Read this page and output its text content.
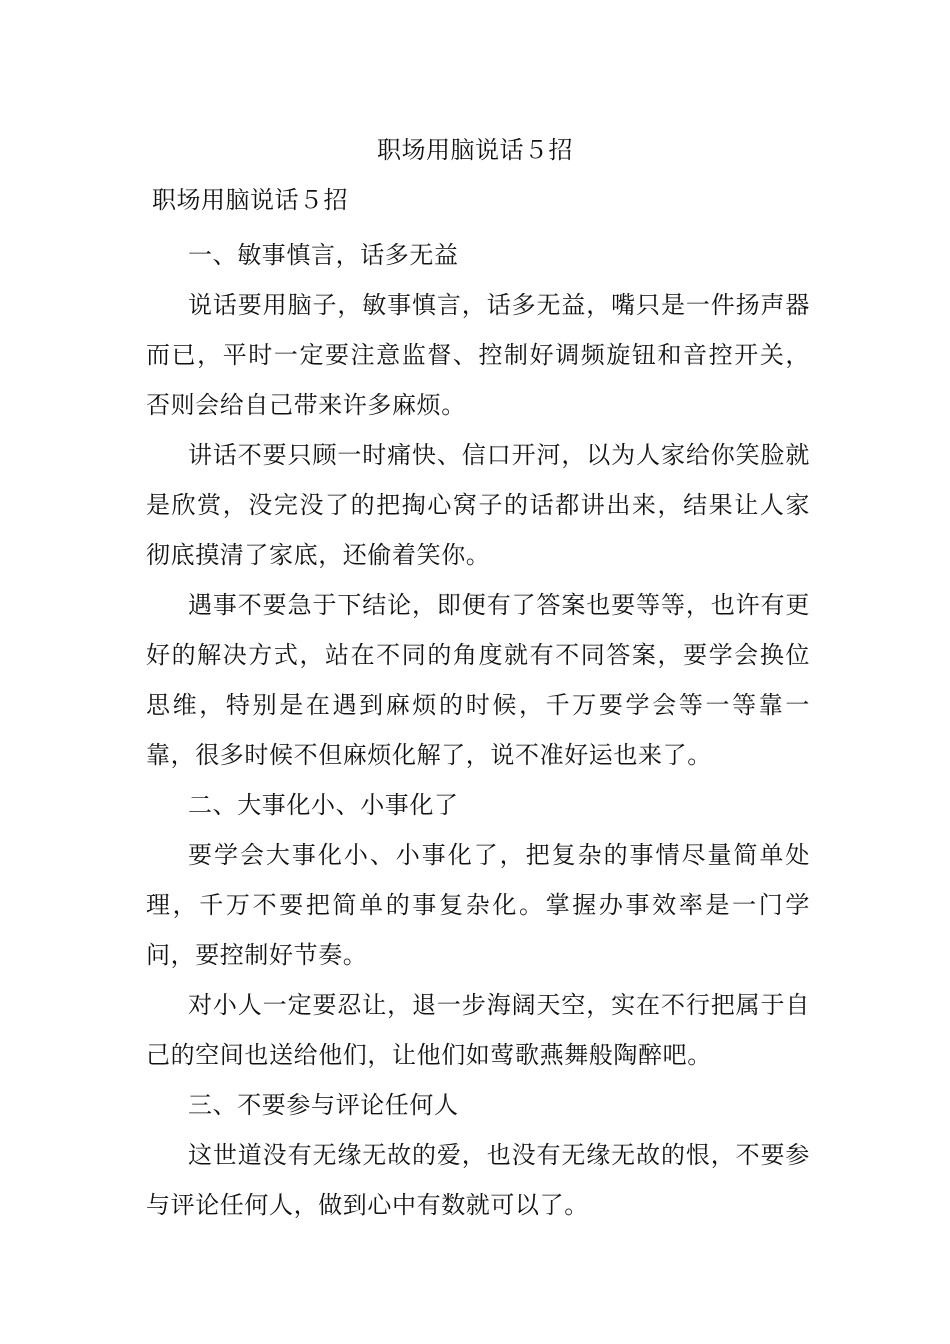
职场用脑说话５招
职场用脑说话５招

一、敏事慎言，话多无益

说话要用脑子，敏事慎言，话多无益，嘴只是一件扬声器而已，平时一定要注意监督、控制好调频旋钮和音控开关，否则会给自己带来许多麻烦。

讲话不要只顾一时痛快、信口开河，以为人家给你笑脸就是欣赏，没完没了的把掏心窝子的话都讲出来，结果让人家彻底摸清了家底，还偷着笑你。

遇事不要急于下结论，即便有了答案也要等等，也许有更好的解决方式，站在不同的角度就有不同答案，要学会换位思维，特别是在遇到麻烦的时候，千万要学会等一等靠一靠，很多时候不但麻烦化解了，说不准好运也来了。

二、大事化小、小事化了

要学会大事化小、小事化了，把复杂的事情尽量简单处理，千万不要把简单的事复杂化。掌握办事效率是一门学问，要控制好节奏。

对小人一定要忍让，退一步海阔天空，实在不行把属于自己的空间也送给他们，让他们如莺歌燕舞般陶醉吧。

三、不要参与评论任何人

这世道没有无缘无故的爱，也没有无缘无故的恨，不要参与评论任何人，做到心中有数就可以了。
